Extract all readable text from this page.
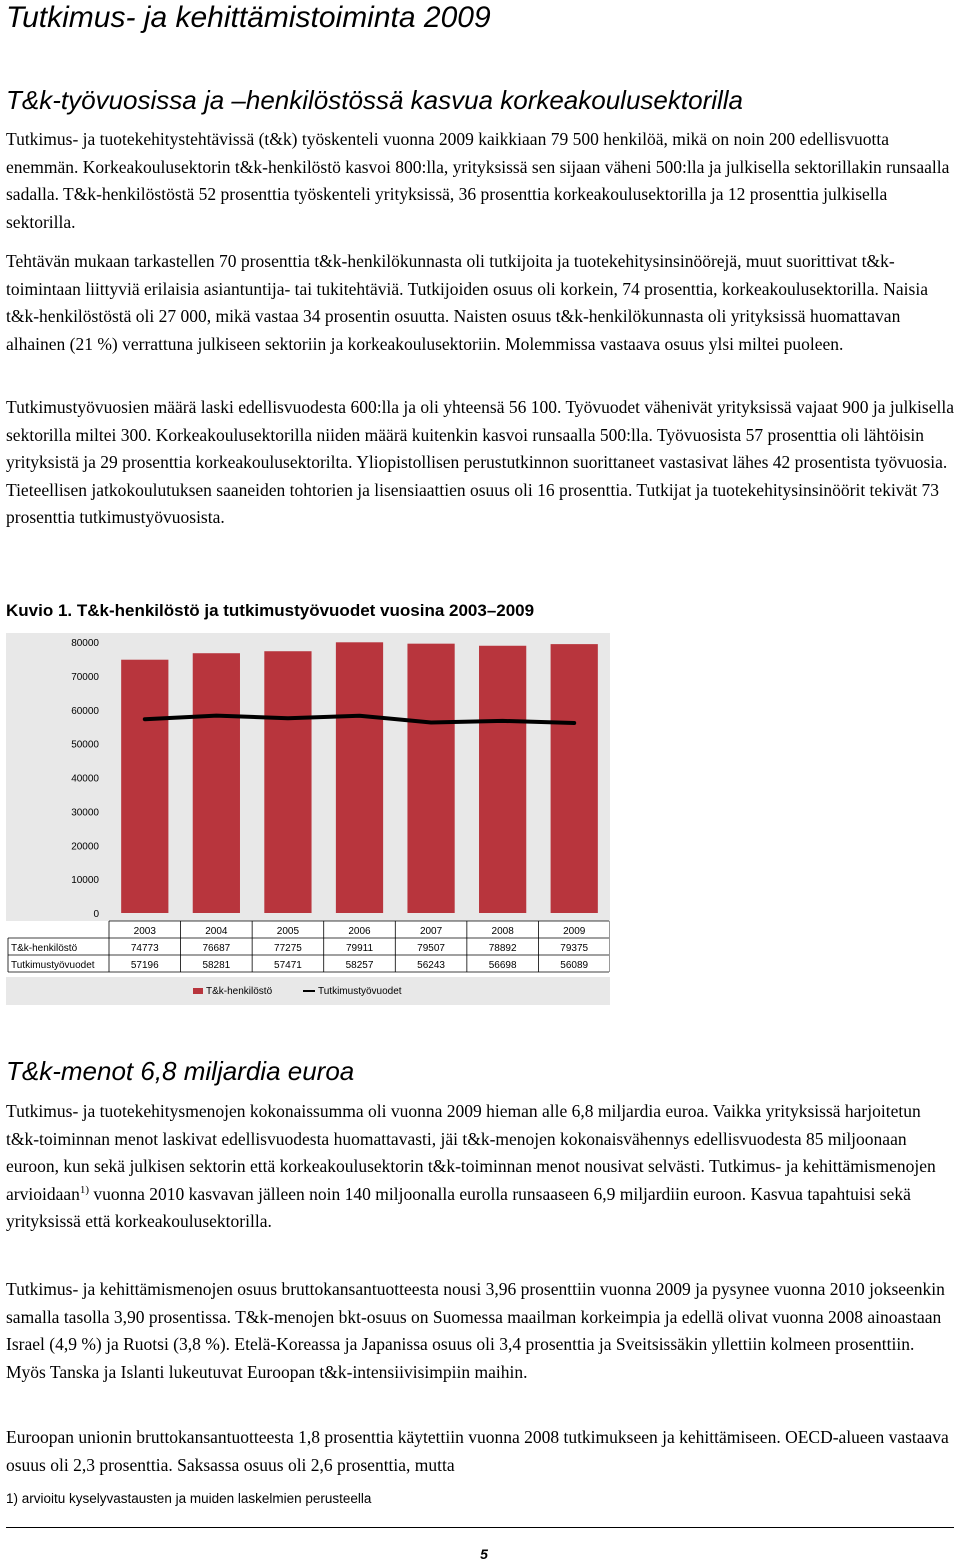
Tutkimus- ja kehittämistoiminta 2009
T&k-työvuosissa ja –henkilöstössä kasvua korkeakoulusektorilla

Tutkimus- ja tuotekehitystehtävissä (t&k) työskenteli vuonna 2009 kaikkiaan 79 500 henkilöä, mikä on noin 200 edellisvuotta enemmän. Korkeakoulusektorin t&k-henkilöstö kasvoi 800:lla, yrityksissä sen sijaan väheni 500:lla ja julkisella sektorillakin runsaalla sadalla. T&k-henkilöstöstä 52 prosenttia työskenteli yrityksissä, 36 prosenttia korkeakoulusektorilla ja 12 prosenttia julkisella sektorilla.

Tehtävän mukaan tarkastellen 70 prosenttia t&k-henkilökunnasta oli tutkijoita ja tuotekehitysinsinöörejä, muut suorittivat t&k-toimintaan liittyviä erilaisia asiantuntija- tai tukitehtäviä. Tutkijoiden osuus oli korkein, 74 prosenttia, korkeakoulusektorilla. Naisia t&k-henkilöstöstä oli 27 000, mikä vastaa 34 prosentin osuutta. Naisten osuus t&k-henkilökunnasta oli yrityksissä huomattavan alhainen (21 %) verrattuna julkiseen sektoriin ja korkeakoulusektoriin. Molemmissa vastaava osuus ylsi miltei puoleen.

Tutkimustyövuosien määrä laski edellisvuodesta 600:lla ja oli yhteensä 56 100. Työvuodet vähenivät yrityksissä vajaat 900 ja julkisella sektorilla miltei 300. Korkeakoulusektorilla niiden määrä kuitenkin kasvoi runsaalla 500:lla. Työvuosista 57 prosenttia oli lähtöisin yrityksistä ja 29 prosenttia korkeakoulusektorilta. Yliopistollisen perustutkinnon suorittaneet vastasivat lähes 42 prosentista työvuosia. Tieteellisen jatkokoulutuksen saaneiden tohtorien ja lisensiaattien osuus oli 16 prosenttia. Tutkijat ja tuotekehitysinsinöörit tekivät 73 prosenttia tutkimustyövuosista.

Kuvio 1. T&k-henkilöstö ja tutkimustyövuodet vuosina 2003–2009

80000
70000
60000
50000
40000
30000
20000
10000
0
2003	2004	2005	2006	2007	2008	2009
T&k-henkilöstö	74773	76687	77275	79911	79507	78892	79375
Tutkimustyövuodet	57196	58281	57471	58257	56243	56698	56089
T&k-henkilöstö	Tutkimustyövuodet
T&k-menot 6,8 miljardia euroa

Tutkimus- ja tuotekehitysmenojen kokonaissumma oli vuonna 2009 hieman alle 6,8 miljardia euroa. Vaikka yrityksissä harjoitetun t&k-toiminnan menot laskivat edellisvuodesta huomattavasti, jäi t&k-menojen kokonaisvähennys edellisvuodesta 85 miljoonaan euroon, kun sekä julkisen sektorin että korkeakoulusektorin t&k-toiminnan menot nousivat selvästi. Tutkimus- ja kehittämismenojen arvioidaan$^{1)}$ vuonna 2010 kasvavan jälleen noin 140 miljoonalla eurolla runsaaseen 6,9 miljardiin euroon. Kasvua tapahtuisi sekä yrityksissä että korkeakoulusektorilla.

Tutkimus- ja kehittämismenojen osuus bruttokansantuotteesta nousi 3,96 prosenttiin vuonna 2009 ja pysynee vuonna 2010 jokseenkin samalla tasolla 3,90 prosentissa. T&k-menojen bkt-osuus on Suomessa maailman korkeimpia ja edellä olivat vuonna 2008 ainoastaan Israel (4,9 %) ja Ruotsi (3,8 %). Etelä-Koreassa ja Japanissa osuus oli 3,4 prosenttia ja Sveitsissäkin yllettiin kolmeen prosenttiin. Myös Tanska ja Islanti lukeutuvat Euroopan t&k-intensiivisimpiin maihin.

Euroopan unionin bruttokansantuotteesta 1,8 prosenttia käytettiin vuonna 2008 tutkimukseen ja kehittämiseen. OECD-alueen vastaava osuus oli 2,3 prosenttia. Saksassa osuus oli 2,6 prosenttia, mutta

1) arvioitu kyselyvastausten ja muiden laskelmien perusteella

5
